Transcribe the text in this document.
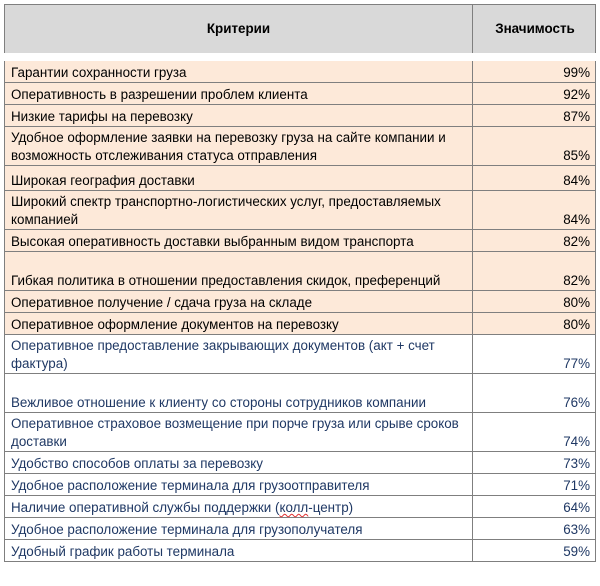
Критерии	Значимость
Гарантии сохранности груза	99%
Оперативность в разрешении проблем клиента	92%
Низкие тарифы на перевозку	87%
Удобное оформление заявки на перевозку груза на сайте компании и возможность отслеживания статуса отправления	85%
Широкая география доставки	84%
Широкий спектр транспортно-логистических услуг, предоставляемых компанией	84%
Высокая оперативность доставки выбранным видом транспорта	82%
Гибкая политика в отношении предоставления скидок, преференций	82%
Оперативное получение / сдача груза на складе	80%
Оперативное оформление документов на перевозку	80%
Оперативное предоставление закрывающих документов (акт + счет фактура)	77%
Вежливое отношение к клиенту со стороны сотрудников компании	76%
Оперативное страховое возмещение при порче груза или срыве сроков доставки	74%
Удобство способов оплаты за перевозку	73%
Удобное расположение терминала для грузоотправителя	71%
Наличие оперативной службы поддержки (колл-центр)	64%
Удобное расположение терминала для грузополучателя	63%
Удобный график работы терминала	59%
